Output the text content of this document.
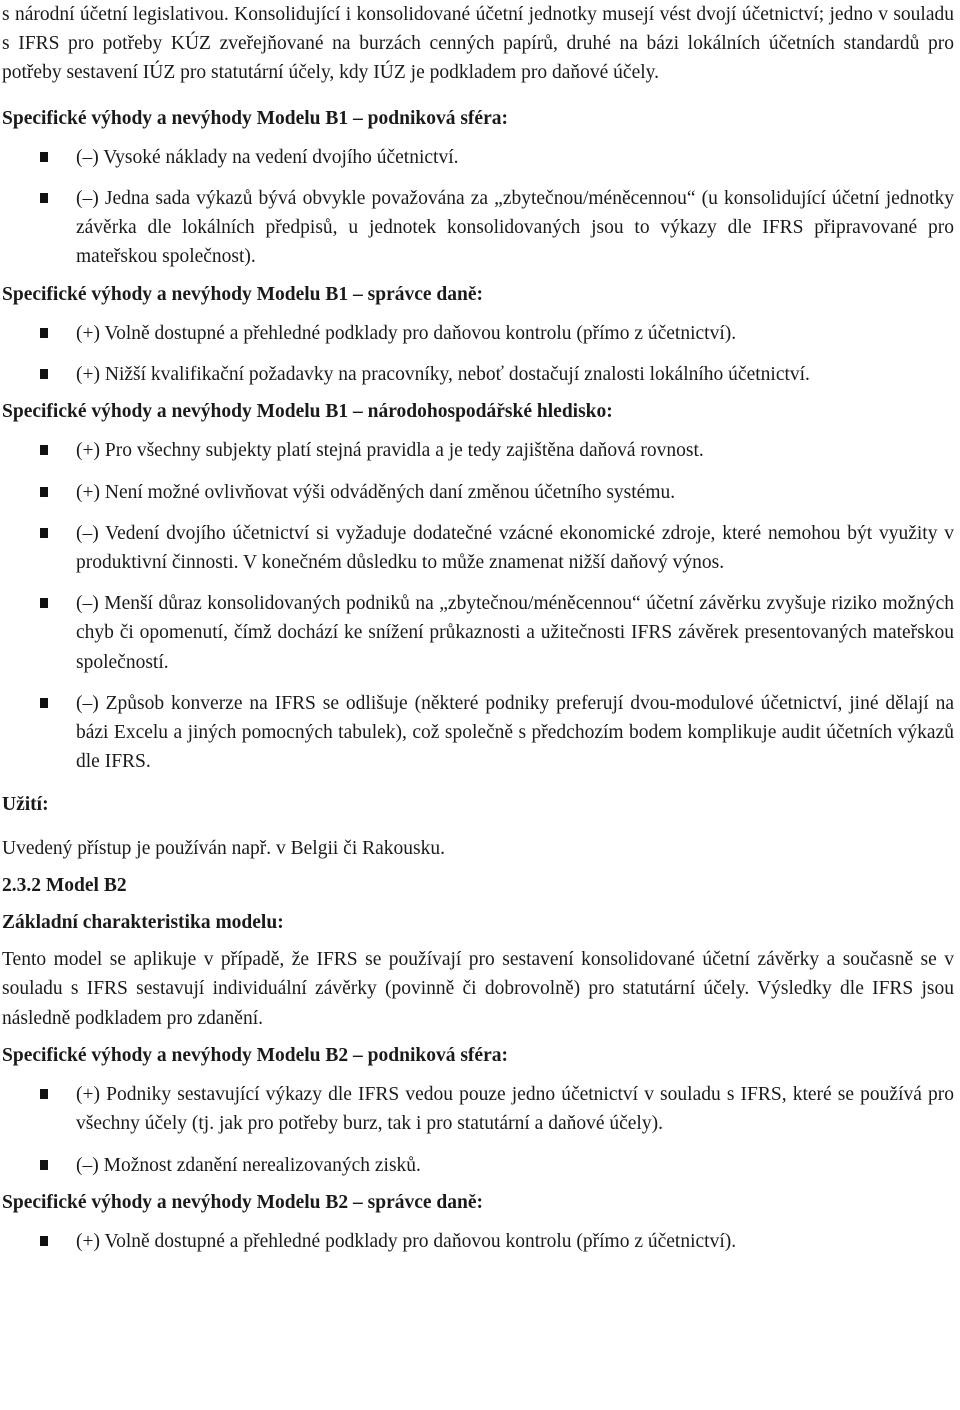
s národní účetní legislativou. Konsolidující i konsolidované účetní jednotky musejí vést dvojí účetnictví; jedno v souladu s IFRS pro potřeby KÚZ zveřejňované na burzách cenných papírů, druhé na bázi lokálních účetních standardů pro potřeby sestavení IÚZ pro statutární účely, kdy IÚZ je podkladem pro daňové účely.

Specifické výhody a nevýhody Modelu B1 – podniková sféra:
(–) Vysoké náklady na vedení dvojího účetnictví.
(–) Jedna sada výkazů bývá obvykle považována za „zbytečnou/méněcennou“ (u konsolidující účetní jednotky závěrka dle lokálních předpisů, u jednotek konsolidovaných jsou to výkazy dle IFRS připravované pro mateřskou společnost).
Specifické výhody a nevýhody Modelu B1 – správce daně:
(+) Volně dostupné a přehledné podklady pro daňovou kontrolu (přímo z účetnictví).
(+) Nižší kvalifikační požadavky na pracovníky, neboť dostačují znalosti lokálního účetnictví.
Specifické výhody a nevýhody Modelu B1 – národohospodářské hledisko:
(+) Pro všechny subjekty platí stejná pravidla a je tedy zajištěna daňová rovnost.
(+) Není možné ovlivňovat výši odváděných daní změnou účetního systému.
(–) Vedení dvojího účetnictví si vyžaduje dodatečné vzácné ekonomické zdroje, které nemohou být využity v produktivní činnosti. V konečném důsledku to může znamenat nižší daňový výnos.
(–) Menší důraz konsolidovaných podniků na „zbytečnou/méněcennou“ účetní závěrku zvyšuje riziko možných chyb či opomenutí, čímž dochází ke snížení průkaznosti a užitečnosti IFRS závěrek presentovaných mateřskou společností.
(–) Způsob konverze na IFRS se odlišuje (některé podniky preferují dvou-modulové účetnictví, jiné dělají na bázi Excelu a jiných pomocných tabulek), což společně s předchozím bodem komplikuje audit účetních výkazů dle IFRS.
Užití:

Uvedený přístup je používán např. v Belgii či Rakousku.

2.3.2 Model B2
Základní charakteristika modelu:

Tento model se aplikuje v případě, že IFRS se používají pro sestavení konsolidované účetní závěrky a současně se v souladu s IFRS sestavují individuální závěrky (povinně či dobrovolně) pro statutární účely. Výsledky dle IFRS jsou následně podkladem pro zdanění.

Specifické výhody a nevýhody Modelu B2 – podniková sféra:
(+) Podniky sestavující výkazy dle IFRS vedou pouze jedno účetnictví v souladu s IFRS, které se používá pro všechny účely (tj. jak pro potřeby burz, tak i pro statutární a daňové účely).
(–) Možnost zdanění nerealizovaných zisků.
Specifické výhody a nevýhody Modelu B2 – správce daně:
(+) Volně dostupné a přehledné podklady pro daňovou kontrolu (přímo z účetnictví).
